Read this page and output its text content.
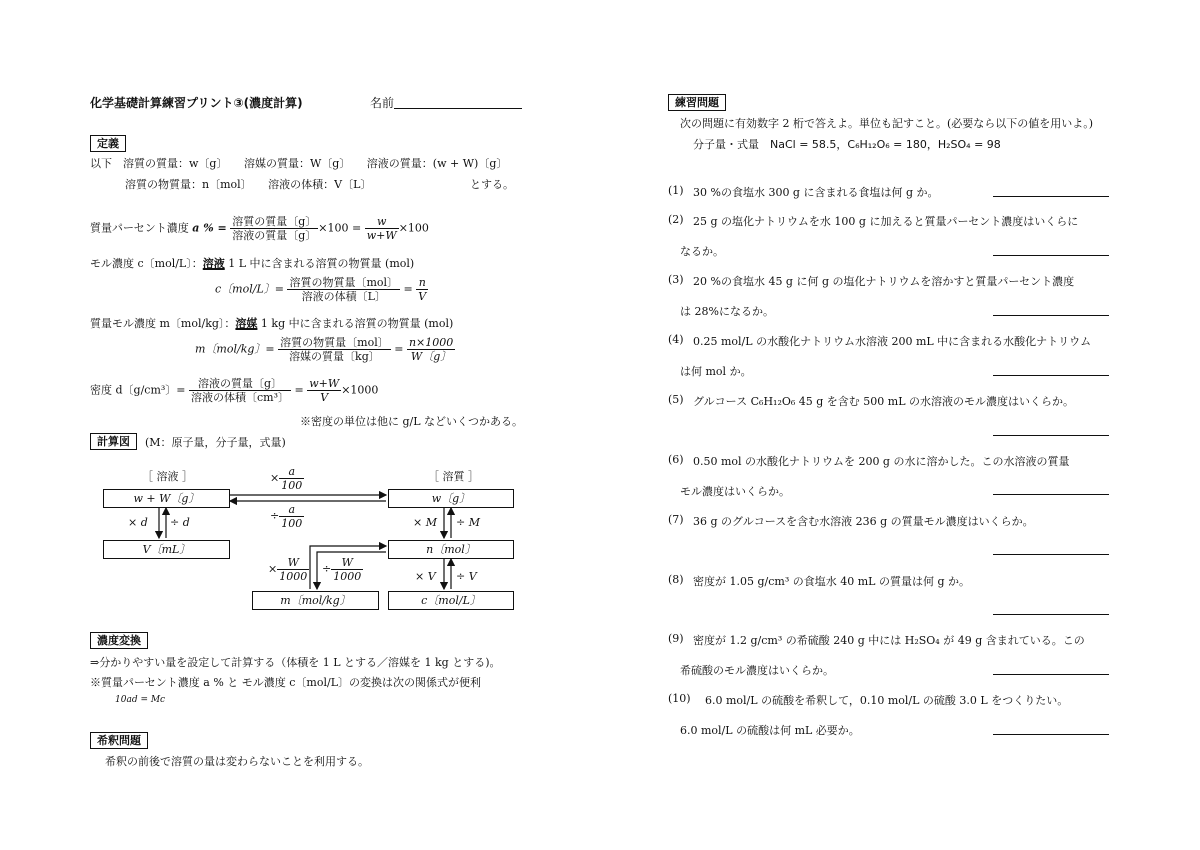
化学基礎計算練習プリント③(濃度計算)	名前
定義
以下　溶質の質量：w〔g〕　　溶媒の質量：W〔g〕　　溶液の質量：(w + W)〔g〕
溶質の物質量：n〔mol〕　　溶液の体積：V〔L〕	とする。
質量パーセント濃度 a % = $\frac{\text{溶質の質量〔g〕}}{\text{溶液の質量〔g〕}} \times 100 = \frac{w}{w+W} \times 100$
モル濃度 c〔mol/L〕：溶液 1 L 中に含まれる溶質の物質量 (mol)
c〔mol/L〕= $\frac{\text{溶質の物質量〔mol〕}}{\text{溶液の体積〔L〕}} = \frac{n}{V}$
質量モル濃度 m〔mol/kg〕：溶媒 1 kg 中に含まれる溶質の物質量 (mol)
m〔mol/kg〕= $\frac{\text{溶質の物質量〔mol〕}}{\text{溶媒の質量〔kg〕}} = \frac{n\times 1000}{W〔g〕}$
密度 d〔g/cm³〕= $\frac{\text{溶液の質量〔g〕}}{\text{溶液の体積〔cm³〕}} = \frac{w+W}{V} \times 1000$
※密度の単位は他に g/L などいくつかある。
計算図	(M：原子量，分子量，式量)
［ 溶液 ］	［ 溶質 ］
w + W〔g〕	w〔g〕
V〔mL〕	n〔mol〕
m〔mol/kg〕	c〔mol/L〕
× $\frac{a}{100}$
÷ $\frac{a}{100}$
× d ÷ d	× M ÷ M
× V ÷ V
× $\frac{W}{1000} \div \frac{W}{1000}$
濃度変換
⇒分かりやすい量を設定して計算する（体積を 1 L とする／溶媒を 1 kg とする)。
※質量パーセント濃度 a % と モル濃度 c〔mol/L〕の変換は次の関係式が便利
10ad = Mc
希釈問題
希釈の前後で溶質の量は変わらないことを利用する。
練習問題
次の問題に有効数字 2 桁で答えよ。単位も記すこと。(必要なら以下の値を用いよ。)
分子量・式量　NaCl = 58.5，C₆H₁₂O₆ = 180，H₂SO₄ = 98
(1) 30 %の食塩水 300 g に含まれる食塩は何 g か。
(2) 25 g の塩化ナトリウムを水 100 g に加えると質量パーセント濃度はいくらに
なるか。
(3) 20 %の食塩水 45 g に何 g の塩化ナトリウムを溶かすと質量パーセント濃度
は 28%になるか。
(4) 0.25 mol/L の水酸化ナトリウム水溶液 200 mL 中に含まれる水酸化ナトリウム
は何 mol か。
(5) グルコース C₆H₁₂O₆ 45 g を含む 500 mL の水溶液のモル濃度はいくらか。
(6) 0.50 mol の水酸化ナトリウムを 200 g の水に溶かした。この水溶液の質量
モル濃度はいくらか。
(7) 36 g のグルコースを含む水溶液 236 g の質量モル濃度はいくらか。
(8) 密度が 1.05 g/cm³ の食塩水 40 mL の質量は何 g か。
(9) 密度が 1.2 g/cm³ の希硫酸 240 g 中には H₂SO₄ が 49 g 含まれている。この
希硫酸のモル濃度はいくらか。
(10) 6.0 mol/L の硫酸を希釈して，0.10 mol/L の硫酸 3.0 L をつくりたい。
6.0 mol/L の硫酸は何 mL 必要か。
